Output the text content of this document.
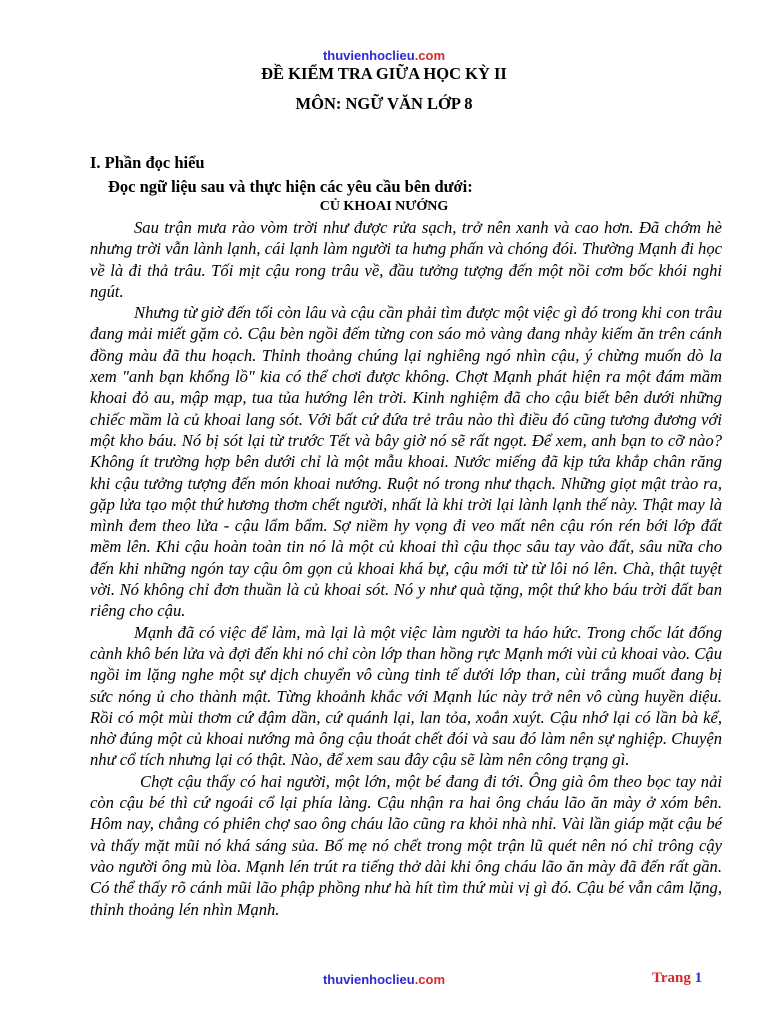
thuvienhoclieu.com
ĐỀ KIỂM TRA GIỮA HỌC KỲ II
MÔN: NGỮ VĂN LỚP 8
I. Phần đọc hiểu
Đọc ngữ liệu sau và thực hiện các yêu cầu bên dưới:
CỦ KHOAI NƯỚNG

Sau trận mưa rào vòm trời như được rửa sạch, trở nên xanh và cao hơn. Đã chớm hè nhưng trời vẫn lành lạnh, cái lạnh làm người ta hưng phấn và chóng đói. Thường Mạnh đi học về là đi thả trâu. Tối mịt cậu rong trâu về, đầu tưởng tượng đến một nồi cơm bốc khói nghi ngút.

Nhưng từ giờ đến tối còn lâu và cậu cần phải tìm được một việc gì đó trong khi con trâu đang mải miết gặm cỏ. Cậu bèn ngồi đếm từng con sáo mỏ vàng đang nhảy kiếm ăn trên cánh đồng màu đã thu hoạch. Thỉnh thoảng chúng lại nghiêng ngó nhìn cậu, ý chừng muốn dò la xem "anh bạn khổng lồ" kia có thể chơi được không. Chợt Mạnh phát hiện ra một đám mầm khoai đỏ au, mập mạp, tua tủa hướng lên trời. Kinh nghiệm đã cho cậu biết bên dưới những chiếc mầm là củ khoai lang sót. Với bất cứ đứa trẻ trâu nào thì điều đó cũng tương đương với một kho báu. Nó bị sót lại từ trước Tết và bây giờ nó sẽ rất ngọt. Để xem, anh bạn to cỡ nào? Không ít trường hợp bên dưới chỉ là một mẫu khoai. Nước miếng đã kịp tứa khắp chân răng khi cậu tưởng tượng đến món khoai nướng. Ruột nó trong như thạch. Những giọt mật trào ra, gặp lửa tạo một thứ hương thơm chết người, nhất là khi trời lại lành lạnh thế này. Thật may là mình đem theo lửa - cậu lẩm bẩm. Sợ niềm hy vọng đi veo mất nên cậu rón rén bới lớp đất mềm lên. Khi cậu hoàn toàn tin nó là một củ khoai thì cậu thọc sâu tay vào đất, sâu nữa cho đến khi những ngón tay cậu ôm gọn củ khoai khá bự, cậu mới từ từ lôi nó lên. Chà, thật tuyệt vời. Nó không chỉ đơn thuần là củ khoai sót. Nó y như quà tặng, một thứ kho báu trời đất ban riêng cho cậu.

Mạnh đã có việc để làm, mà lại là một việc làm người ta háo hức. Trong chốc lát đống cành khô bén lửa và đợi đến khi nó chỉ còn lớp than hồng rực Mạnh mới vùi củ khoai vào. Cậu ngồi im lặng nghe một sự dịch chuyển vô cùng tinh tế dưới lớp than, cùi trắng muốt đang bị sức nóng ủ cho thành mật. Từng khoảnh khắc với Mạnh lúc này trở nên vô cùng huyền diệu. Rồi có một mùi thơm cứ đậm dần, cứ quánh lại, lan tỏa, xoắn xuýt. Cậu nhớ lại có lần bà kể, nhờ đúng một củ khoai nướng mà ông cậu thoát chết đói và sau đó làm nên sự nghiệp. Chuyện như cổ tích nhưng lại có thật. Nào, để xem sau đây cậu sẽ làm nên công trạng gì.

Chợt cậu thấy có hai người, một lớn, một bé đang đi tới. Ông già ôm theo bọc tay nải còn cậu bé thì cứ ngoái cổ lại phía làng. Cậu nhận ra hai ông cháu lão ăn mày ở xóm bên. Hôm nay, chẳng có phiên chợ sao ông cháu lão cũng ra khỏi nhà nhỉ. Vài lần giáp mặt cậu bé và thấy mặt mũi nó khá sáng sủa. Bố mẹ nó chết trong một trận lũ quét nên nó chỉ trông cậy vào người ông mù lòa. Mạnh lén trút ra tiếng thở dài khi ông cháu lão ăn mày đã đến rất gần. Có thể thấy rõ cánh mũi lão phập phồng như hà hít tìm thứ mùi vị gì đó. Cậu bé vẫn câm lặng, thỉnh thoảng lén nhìn Mạnh.

thuvienhoclieu.com	Trang 1
